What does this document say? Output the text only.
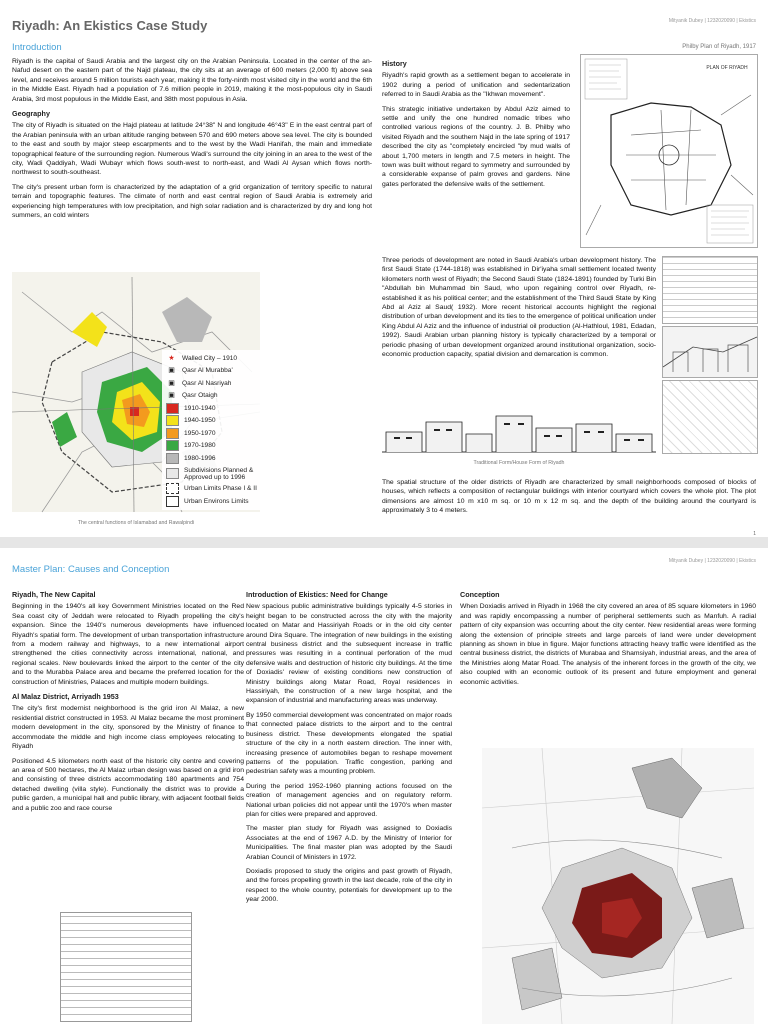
Riyadh: An Ekistics Case Study	Mityanik Dubey | 1232020090 | Ekistics
Introduction

Riyadh is the capital of Saudi Arabia and the largest city on the Arabian Peninsula. Located in the center of the an-Nafud desert on the eastern part of the Najd plateau, the city sits at an average of 600 meters (2,000 ft) above sea level, and receives around 5 million tourists each year, making it the forty-ninth most visited city in the world and the 6th in the Middle East. Riyadh had a population of 7.6 million people in 2019, making it the most-populous city in Saudi Arabia, 3rd most populous in the Middle East, and 38th most populous in Asia.

Geography

The city of Riyadh is situated on the Hajd plateau at latitude 24°38" N and longitude 46°43" E in the east central part of the Arabian peninsula with an urban altitude ranging between 570 and 690 meters above sea level. The city is bounded to the east and south by major steep escarpments and to the west by the Wadi Hanifah, the main and immediate topographical feature of the surrounding region. Numerous Wadi's surround the city joining in an area to the west of the city, Wadi Qaddiyah, Wadi Wubayr which flows south-west to north-east, and Wadi Al Aysan which flows north-northwest to south-southeast.

The city's present urban form is characterized by the adaptation of a grid organization of territory specific to natural terrain and topographic features. The climate of north and east central region of Saudi Arabia is extremely arid experiencing high temperatures with low precipitation, and high solar radiation and is characterized by dry and long hot summers, an cold winters

★	Walled City – 1910
▣	Qasr Al Murabba'
▣	Qasr Al Nasriyah
▣	Qasr Otaigh
1910-1940
1940-1950
1950-1970
1970-1980
1980-1996
Subdivisions Planned & Approved up to 1996
Urban Limits Phase I & II
Urban Environs Limits
The central functions of Islamabad and Rawalpindi
History

Riyadh's rapid growth as a settlement began to accelerate in 1902 during a period of unification and sedentarization referred to in Saudi Arabia as the "Ikhwan movement".

This strategic initiative undertaken by Abdul Aziz aimed to settle and unify the one hundred nomadic tribes who controlled various regions of the country. J. B. Philby who visited Riyadh and the southern Najd in the late spring of 1917 described the city as "completely encircled "by mud walls of about 1,700 meters in length and 7.5 meters in height. The town was built without regard to symmetry and surrounded by a considerable expanse of palm groves and gardens. Nine gates perforated the defensive walls of the settlement.

Three periods of development are noted in Saudi Arabia's urban development history. The first Saudi State (1744-1818) was established in Dir'iyaha small settlement located twenty kilometers north west of Riyadh; the Second Saudi State (1824-1891) founded by Turki Bin "Abdullah bin Muhammad bin Saud, who upon regaining control over Riyadh, re-established it as his political center; and the establishment of the Third Saudi State by King Abd al Aziz al Saud( 1932). More recent historical accounts highlight the regional distribution of urban development and its ties to the emergence of political unification under King Abdul Al Aziz and the influence of industrial oil production (Al-Hathloul, 1981, Edadan, 1992). Saudi Arabian urban planning history is typically characterized by a temporal or periodic phasing of urban development organized around institutional organization, socio-economic production capacity, spatial division and demarcation is common.
Philby Plan of Riyadh, 1917
PLAN OF RIYADH
Traditional Form/House Form of Riyadh
The spatial structure of the older districts of Riyadh are characterized by small neighborhoods composed of blocks of houses, which reflects a composition of rectangular buildings with interior courtyard which covers the whole plot. The plot dimensions are almost 10 m x10 m sq. or 10 m x 12 m sq. and the depth of the building around the courtyard is approximately 3 to 4 meters.
1
Mityanik Dubey | 1232020090 | Ekistics
Master Plan: Causes and Conception
Riyadh, The New Capital

Beginning in the 1940's all key Government Ministries located on the Red Sea coast city of Jeddah were relocated to Riyadh propelling the city's expansion. Since the 1940's numerous developments have influenced Riyadh's spatial form. The development of urban transportation infrastructure from a modern railway and highways, to a new international airport strengthened the cities connectivity across international, national, and regional scales. New boulevards linked the airport to the center of the city and to the Murabba Palace area and became the preferred location for the construction of Ministries, Palaces and multiple modern buildings.

Al Malaz District, Arriyadh 1953

The city's first modernist neighborhood is the grid iron Al Malaz, a new residential district constructed in 1953. Al Malaz became the most prominent modern development in the city, sponsored by the Ministry of finance to accommodate the middle and high income class employees relocating to Riyadh

Positioned 4.5 kilometers north east of the historic city centre and covering an area of 500 hectares, the Al Malaz urban design was based on a grid iron and consisting of three districts accommodating 180 apartments and 754 detached dwelling (villa style). Functionally the district was to provide a public garden, a municipal hall and public library, with adjacent football fields and a public zoo and race course

Introduction of Ekistics: Need for Change

New spacious public administrative buildings typically 4-5 stories in height began to be constructed across the city with the majority located on Matar and Hassiriyah Roads or in the old city center around Dira Square. The integration of new buildings in the existing central business district and the subsequent increase in traffic pressures was resulting in a continual perforation of the mud defensive walls and destruction of historic city buildings. At the time of Doxiadis' review of existing conditions new construction of Ministry buildings along Matar Road, Royal residences in Hassiriyah, the construction of a new large hospital, and the expansion of industrial and manufacturing areas was underway.

By 1950 commercial development was concentrated on major roads that connected palace districts to the airport and to the central business district. These developments elongated the spatial structure of the city in a north eastern direction. The inner with, increasing presence of automobiles began to reshape movement patterns of the population. Traffic congestion, parking and pedestrian safety was a mounting problem.

During the period 1952-1960 planning actions focused on the creation of management agencies and on regulatory reform. National urban policies did not appear until the 1970's when master plan for cities were prepared and approved.

The master plan study for Riyadh was assigned to Doxiadis Associates at the end of 1967 A.D. by the Ministry of Interior for Municipalities. The final master plan was adopted by the Saudi Arabian Council of Ministers in 1972.

Doxiadis proposed to study the origins and past growth of Riyadh, and the forces propelling growth in the last decade, role of the city in respect to the whole country, potentials for development up to the year 2000.

Conception

When Doxiadis arrived in Riyadh in 1968 the city covered an area of 85 square kilometers in 1960 and was rapidly encompassing a number of peripheral settlements such as Manfuh. A radial pattern of city expansion was occurring about the city center. New residential areas were forming along the extension of principle streets and large parcels of land were under development planning as shown in blue in figure. Major functions attracting heavy traffic were identified as the central business district, the districts of Murabaa and Shamsiyah, industrial areas, and the area of the Ministries along Matar Road. The analysis of the inherent forces in the growth of the city, we also coupled with an economic outlook of its present and future employment and general economic activities.
